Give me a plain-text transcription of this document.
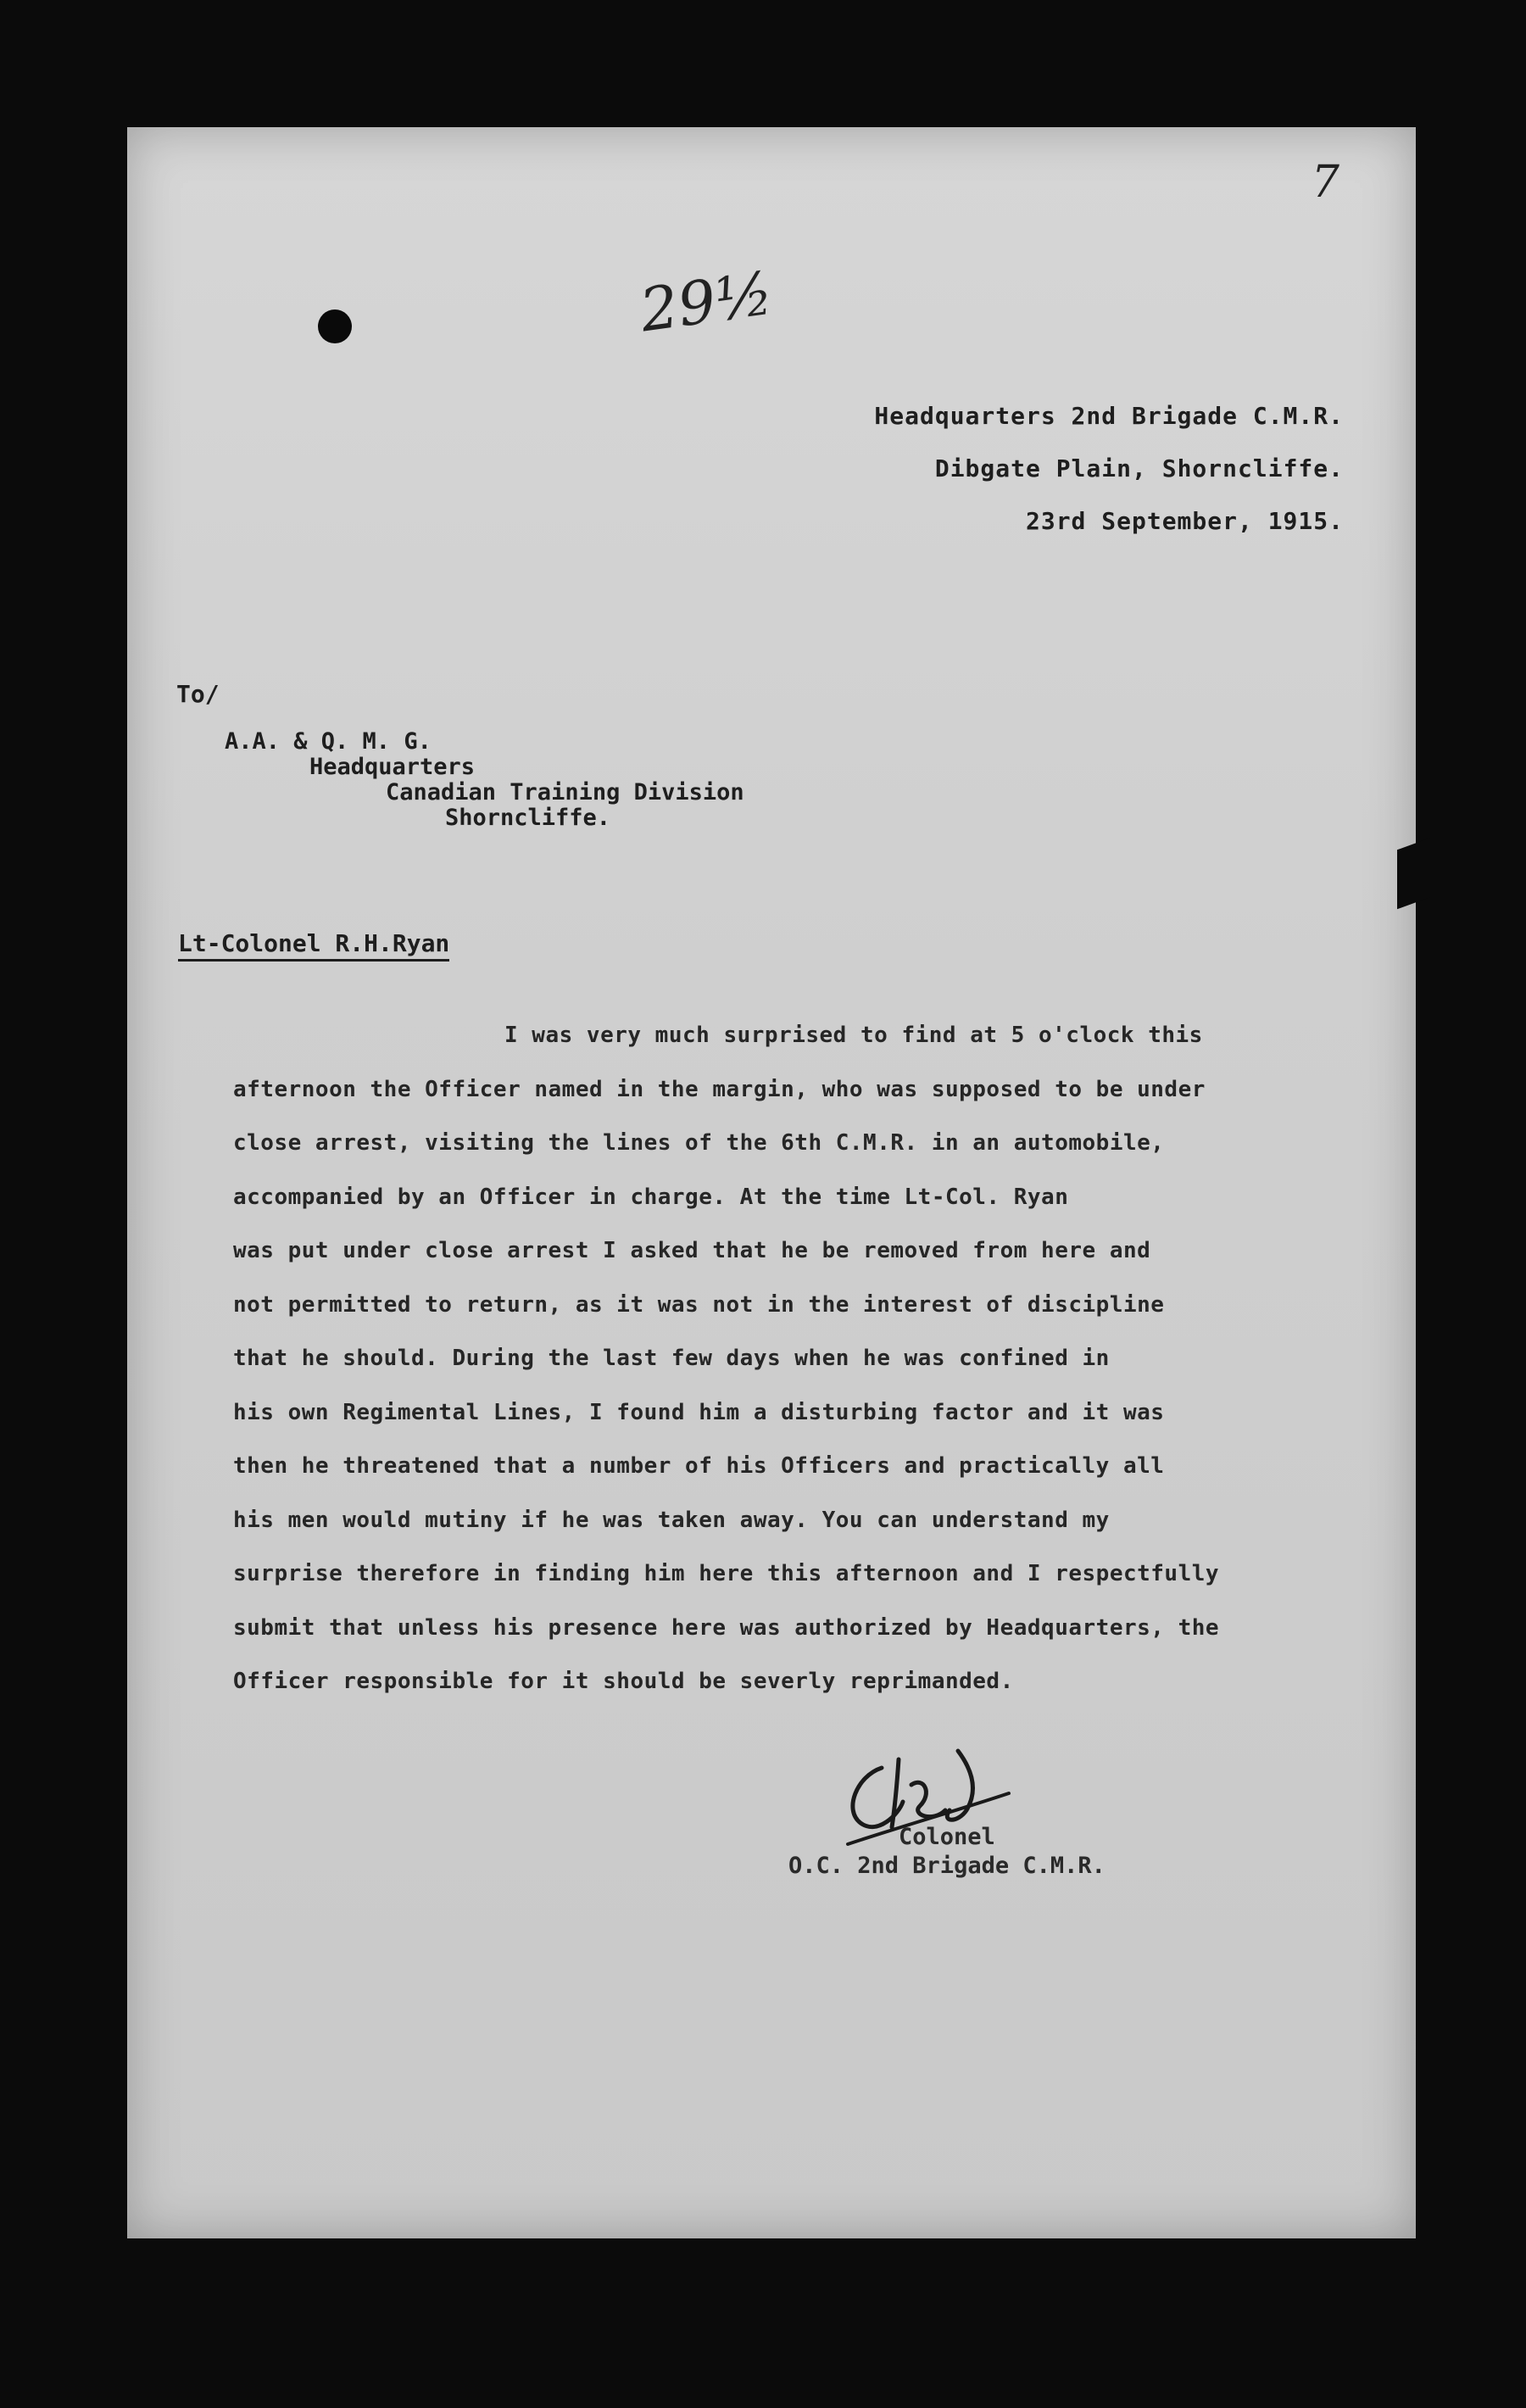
7
29½
Headquarters 2nd Brigade C.M.R.
Dibgate Plain, Shorncliffe.
23rd September, 1915.
To/
A.A. & Q. M. G.
Headquarters
Canadian Training Division
Shorncliffe.
Lt-Colonel R.H.Ryan
I was very much surprised to find at 5 o'clock this
afternoon the Officer named in the margin, who was supposed to be under
close arrest, visiting the lines of the 6th C.M.R. in an automobile,
accompanied by an Officer in charge. At the time Lt-Col. Ryan
was put under close arrest I asked that he be removed from here and
not permitted to return, as it was not in the interest of discipline
that he should. During the last few days when he was confined in
his own Regimental Lines, I found him a disturbing factor and it was
then he threatened that a number of his Officers and practically all
his men would mutiny if he was taken away. You can understand my
surprise therefore in finding him here this afternoon and I respectfully
submit that unless his presence here was authorized by Headquarters, the
Officer responsible for it should be severly reprimanded.
Colonel
O.C. 2nd Brigade C.M.R.
